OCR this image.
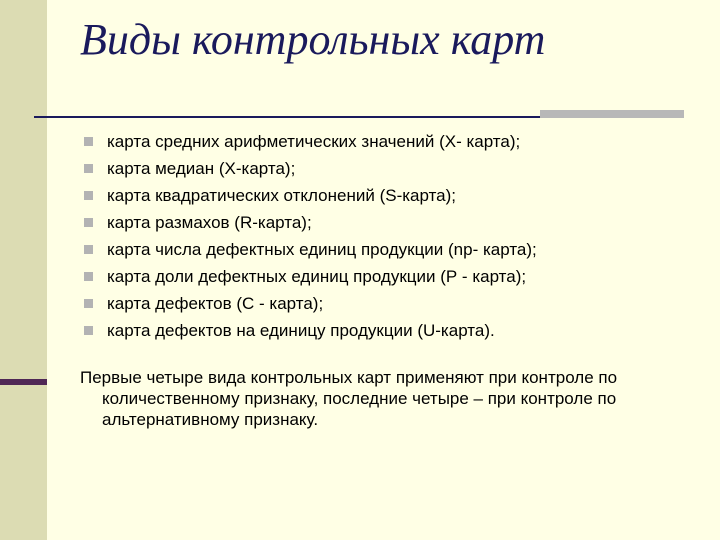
Виды контрольных карт
карта средних арифметических значений (Х- карта);
карта медиан (Х-карта);
карта квадратических отклонений (S-карта);
карта размахов (R-карта);
карта числа дефектных единиц продукции (np- карта);
карта доли дефектных единиц продукции (Р - карта);
карта дефектов (С - карта);
карта дефектов на единицу продукции (U-карта).

Первые четыре вида контрольных карт применяют при контроле по количественному признаку, последние четыре – при контроле по альтернативному признаку.
